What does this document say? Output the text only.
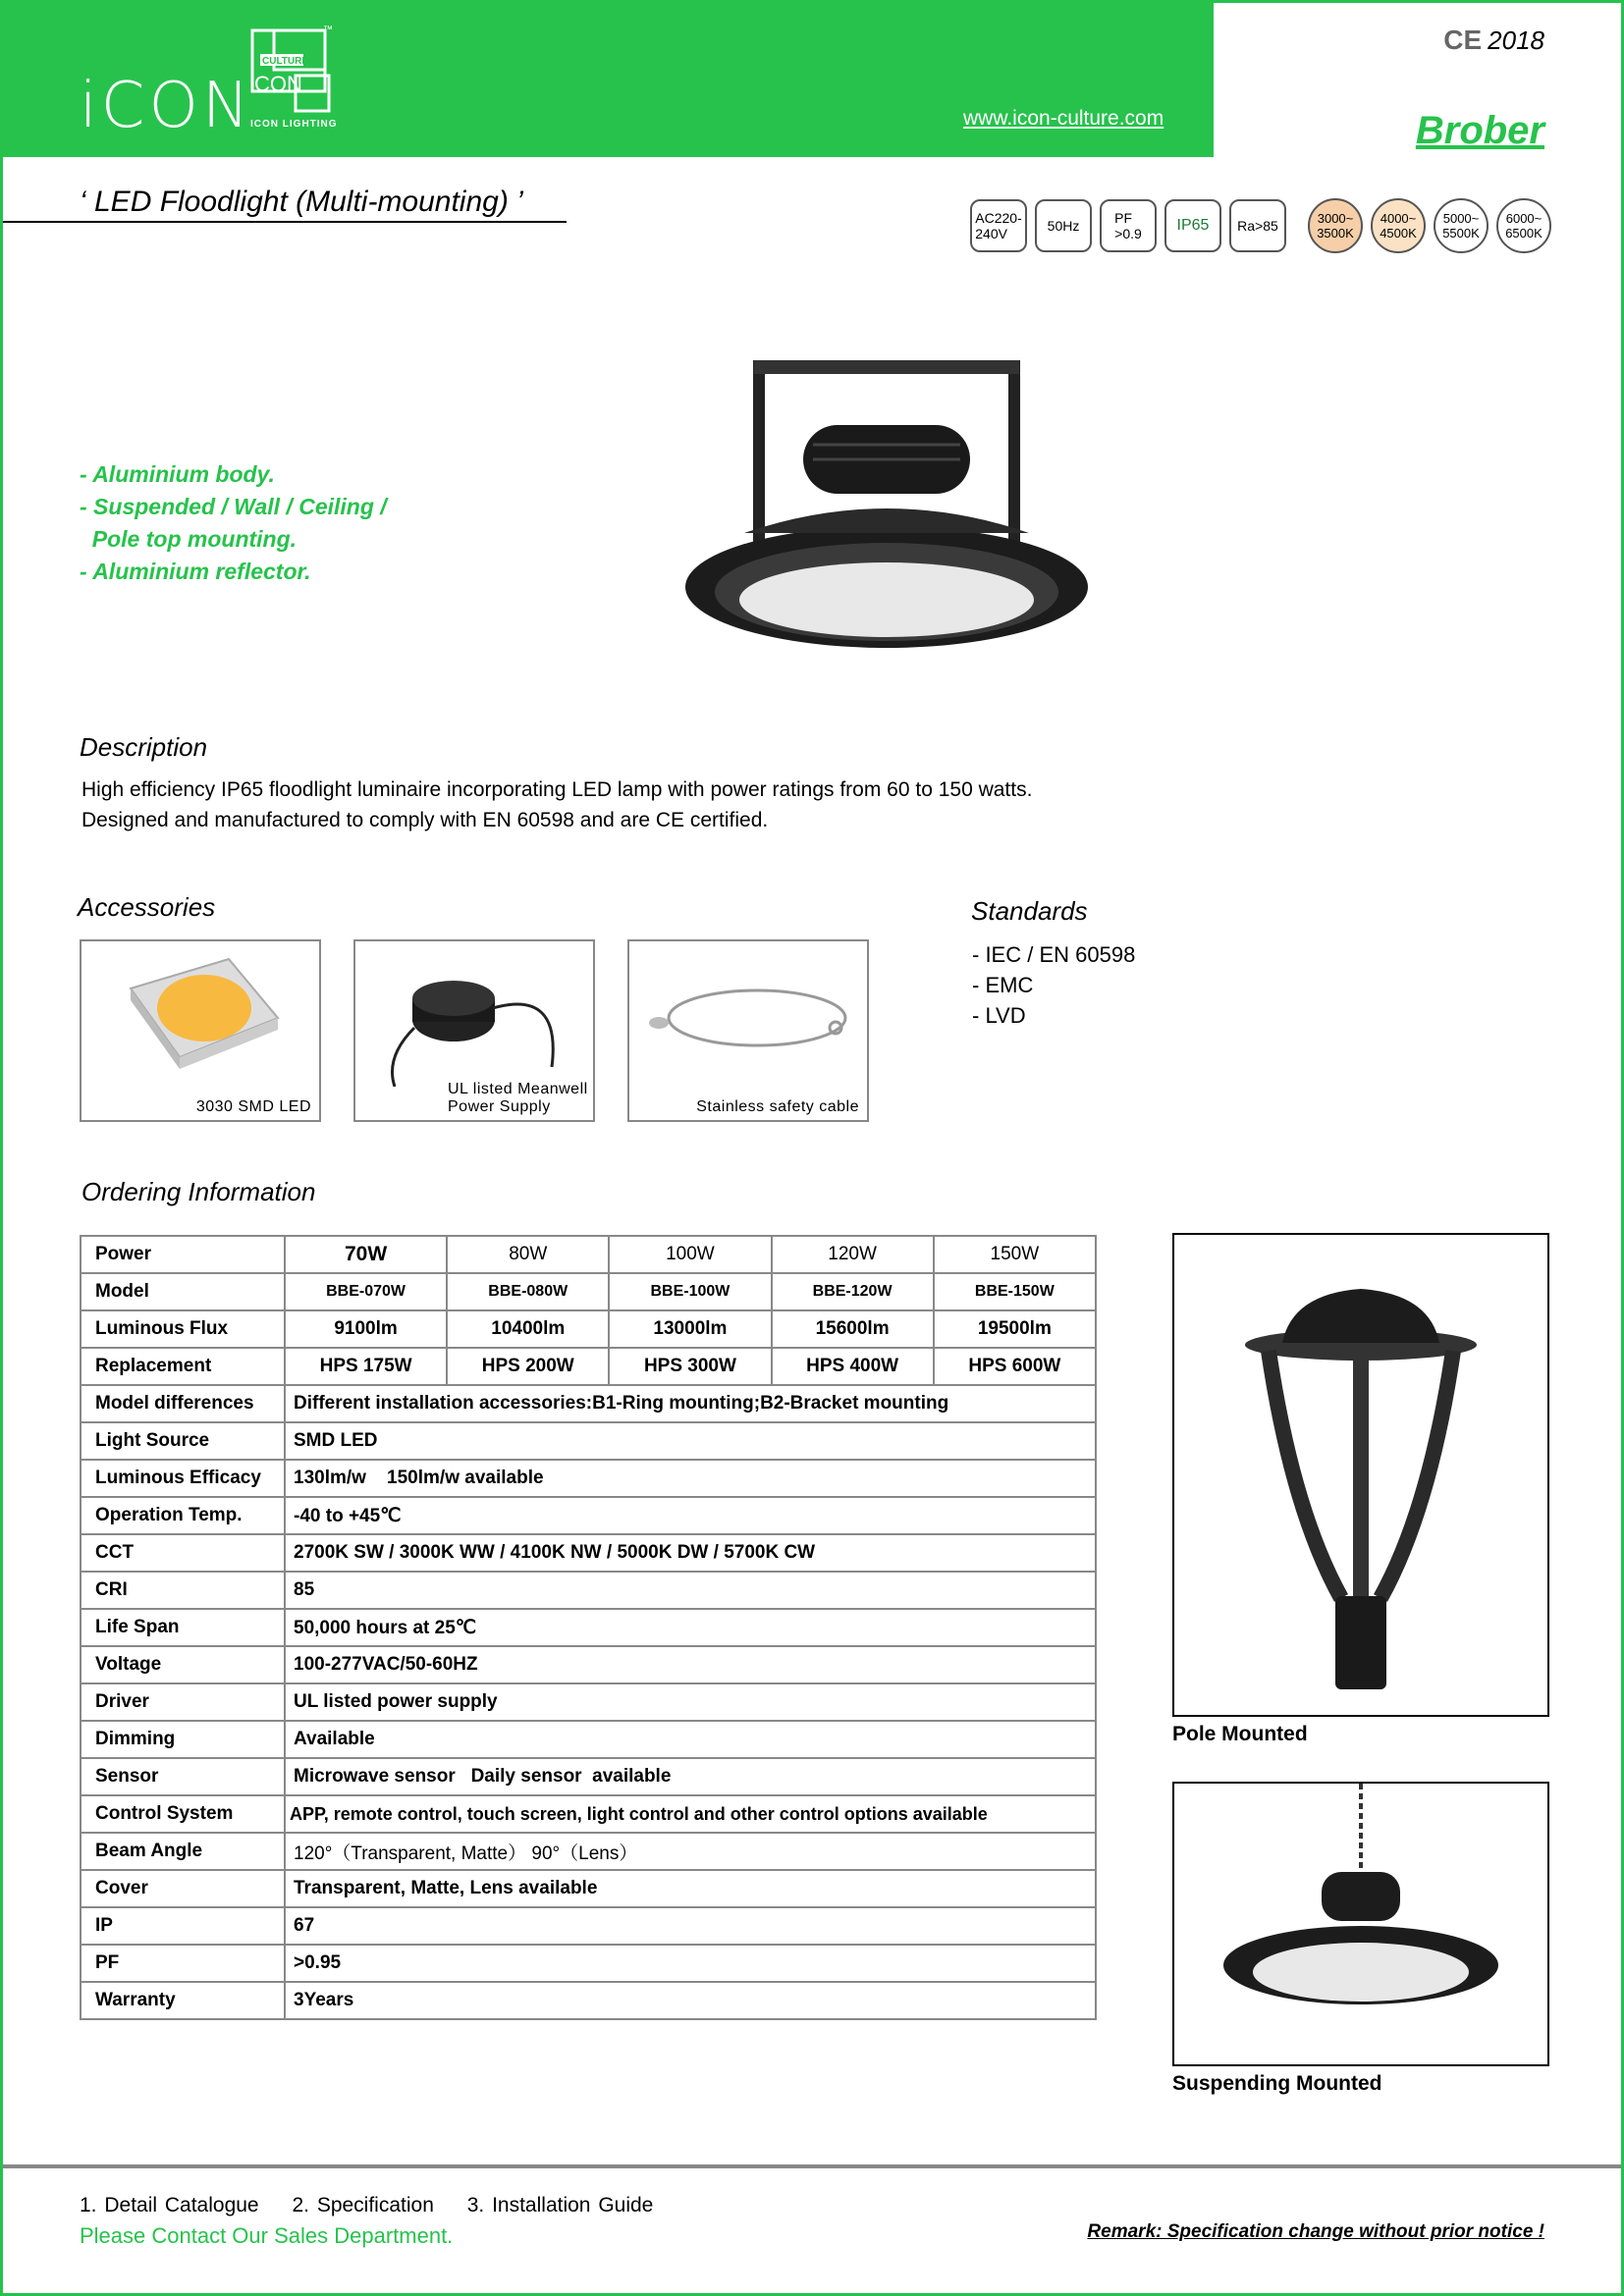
iCON
CULTURE
CON
™
ICON LIGHTING	www.icon-culture.com
CE 2018
Brober
‘ LED Floodlight (Multi-mounting) ’	AC220-
240V	50Hz	PF
>0.9 IP65 Ra>85	3000~
3500K
4000~
4500K
5000~
5500K
6000~
6500K
- Aluminium body.
- Suspended / Wall / Ceiling /
Pole top mounting.
- Aluminium reflector.
Description
High efficiency IP65 floodlight luminaire incorporating LED lamp with power ratings from 60 to 150 watts.
Designed and manufactured to comply with EN 60598 and are CE certified.
Accessories
3030 SMD LED
UL listed Meanwell
Power Supply	Stainless safety cable
Standards
- IEC / EN 60598
- EMC
- LVD
Ordering Information
Power	70W	80W	100W	120W	150W
Model	BBE-070W	BBE-080W	BBE-100W	BBE-120W	BBE-150W
Luminous Flux	9100lm	10400lm	13000lm	15600lm	19500lm
Replacement	HPS 175W	HPS 200W	HPS 300W	HPS 400W	HPS 600W
Model differences	Different installation accessories:B1-Ring mounting;B2-Bracket mounting				
Light Source	SMD LED				
Luminous Efficacy	130lm/w    150lm/w available				
Operation Temp.	-40 to +45℃				
CCT	2700K SW / 3000K WW / 4100K NW / 5000K DW / 5700K CW				
CRI	85				
Life Span	50,000 hours at 25℃				
Voltage	100-277VAC/50-60HZ				
Driver	UL listed power supply				
Dimming	Available				
Sensor	Microwave sensor   Daily sensor  available				
Control System	APP, remote control, touch screen, light control and other control options available				
Beam Angle	120°（Transparent, Matte） 90°（Lens）				
Cover	Transparent, Matte, Lens available				
IP	67				
PF	>0.95				
Warranty	3Years				
Pole Mounted
Suspending Mounted
1. Detail Catalogue 2. Specification 3. Installation Guide
Please Contact Our Sales Department.	Remark: Specification change without prior notice !
